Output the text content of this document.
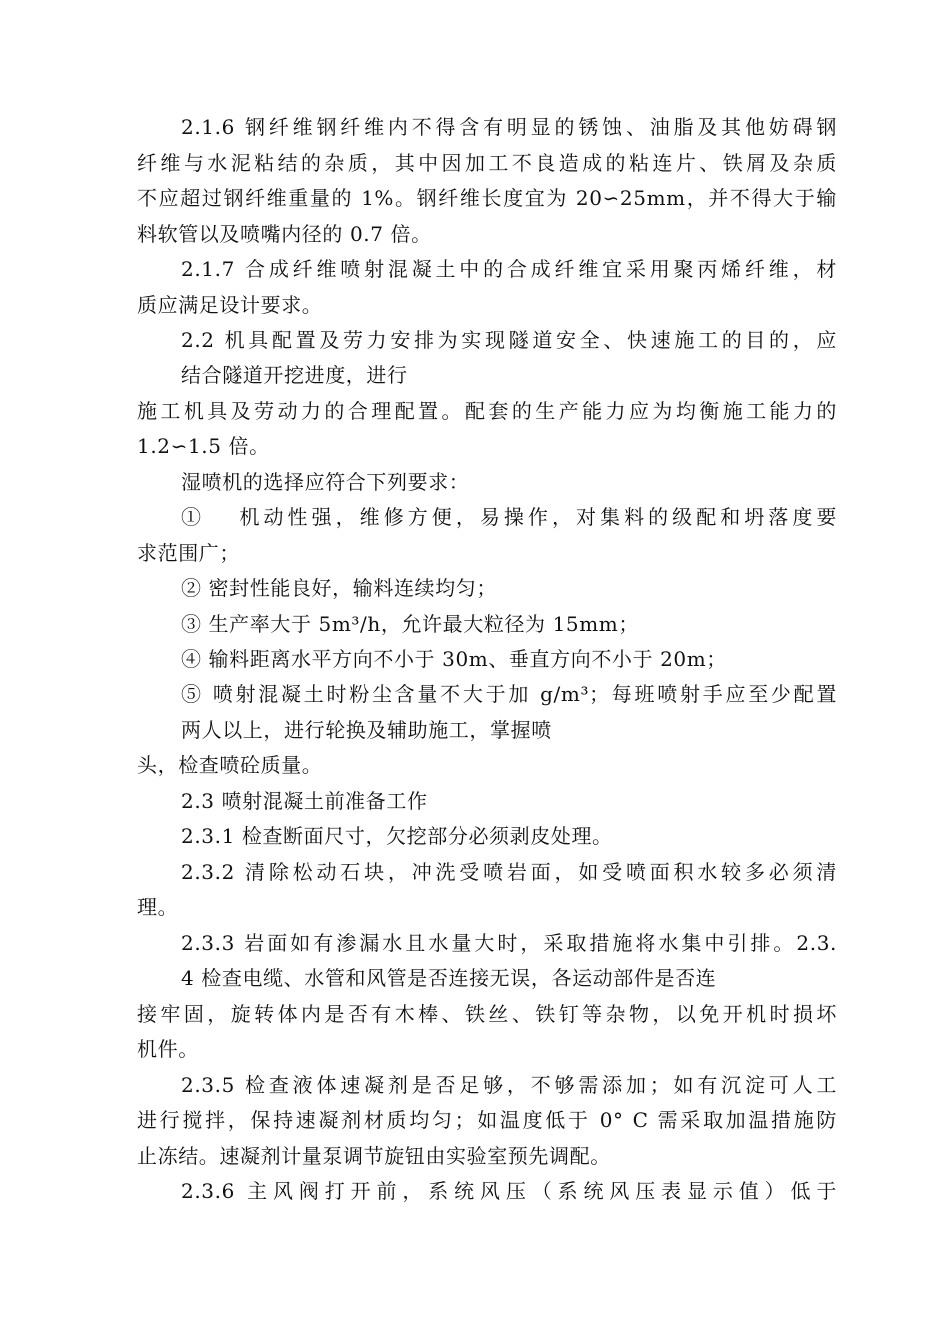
2.1.6 钢纤维钢纤维内不得含有明显的锈蚀、油脂及其他妨碍钢
纤维与水泥粘结的杂质，其中因加工不良造成的粘连片、铁屑及杂质
不应超过钢纤维重量的 1%。钢纤维长度宜为 20∽25mm，并不得大于输
料软管以及喷嘴内径的 0.7 倍。
2.1.7 合成纤维喷射混凝土中的合成纤维宜采用聚丙烯纤维，材
质应满足设计要求。
2.2 机具配置及劳力安排为实现隧道安全、快速施工的目的，应
结合隧道开挖进度，进行
施工机具及劳动力的合理配置。配套的生产能力应为均衡施工能力的
1.2∽1.5 倍。
湿喷机的选择应符合下列要求：
①　 机动性强，维修方便，易操作，对集料的级配和坍落度要
求范围广；
② 密封性能良好，输料连续均匀；
③ 生产率大于 5m³/h，允许最大粒径为 15mm；
④ 输料距离水平方向不小于 30m、垂直方向不小于 20m；
⑤ 喷射混凝土时粉尘含量不大于加 g/m³；每班喷射手应至少配置
两人以上，进行轮换及辅助施工，掌握喷
头，检查喷砼质量。
2.3 喷射混凝土前准备工作
2.3.1 检查断面尺寸，欠挖部分必须剥皮处理。
2.3.2 清除松动石块，冲洗受喷岩面，如受喷面积水较多必须清
理。
2.3.3 岩面如有渗漏水且水量大时，采取措施将水集中引排。2.3.
4 检查电缆、水管和风管是否连接无误，各运动部件是否连
接牢固，旋转体内是否有木棒、铁丝、铁钉等杂物，以免开机时损坏
机件。
2.3.5 检查液体速凝剂是否足够，不够需添加；如有沉淀可人工
进行搅拌，保持速凝剂材质均匀；如温度低于 0° C 需采取加温措施防
止冻结。速凝剂计量泵调节旋钮由实验室预先调配。
2.3.6 主风阀打开前，系统风压（系统风压表显示值）低于
